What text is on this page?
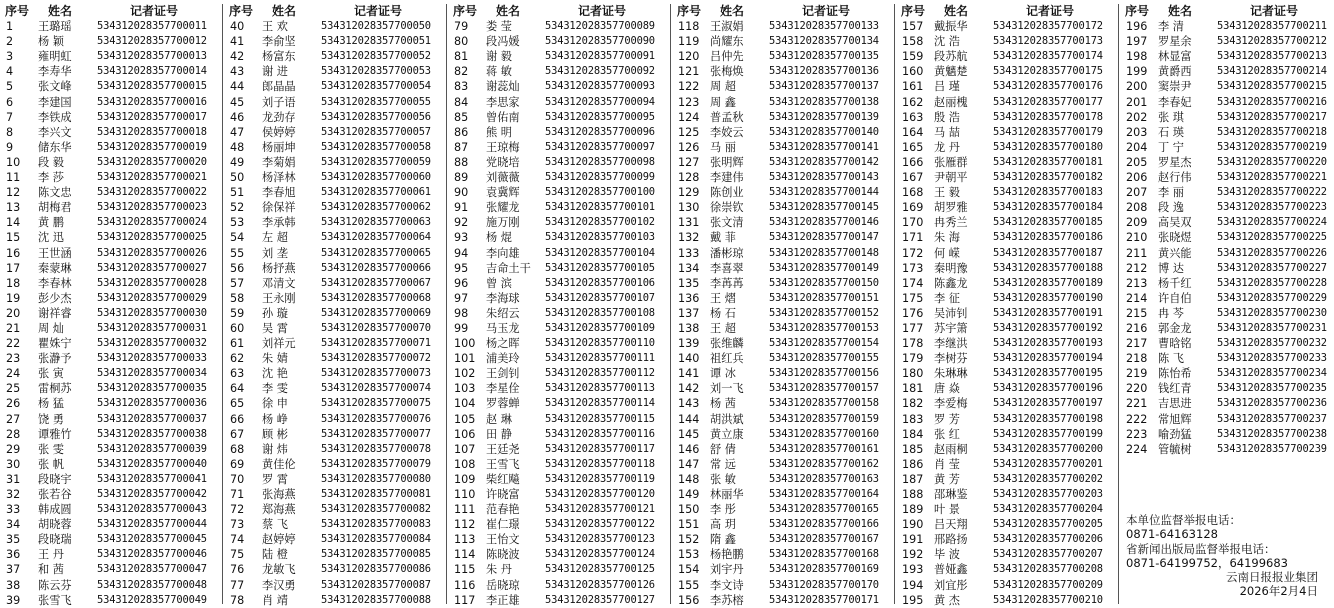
序号 姓名	记者证号
1 王璐瑶 534312028357700011
2 杨 颖	534312028357700012
3 雍明虹 534312028357700013
4 李寿华 534312028357700014
5 张文峰 534312028357700015
6 李建国 534312028357700016
7 李铁成 534312028357700017
8 李兴文 534312028357700018
9 储东华 534312028357700019
10 段 毅	534312028357700020
11 李 莎	534312028357700021
12 陈文忠 534312028357700022
13 胡梅君 534312028357700023
14 黄 鹏	534312028357700024
15 沈 迅	534312028357700025
16 王世涵 534312028357700026
17 秦蒙琳 534312028357700027
18 李春林 534312028357700028
19 彭少杰 534312028357700029
20 谢祥睿 534312028357700030
21 周 灿	534312028357700031
22 瞿姝宁 534312028357700032
23 张瀞予 534312028357700033
24 张 寅	534312028357700034
25 雷桐苏 534312028357700035
26 杨 猛	534312028357700036
27 饶 勇	534312028357700037
28 谭雅竹 534312028357700038
29 张 雯	534312028357700039
30 张 帆	534312028357700040
31 段晓宇 534312028357700041
32 张若谷 534312028357700042
33 韩成圆 534312028357700043
34 胡晓蓉 534312028357700044
35 段晓瑞 534312028357700045
36 王 丹	534312028357700046
37 和 茜	534312028357700047
38 陈云芬 534312028357700048
39 张雪飞 534312028357700049
序号 姓名	记者证号
40 王 欢	534312028357700050
41 李俞坚 534312028357700051
42 杨富东 534312028357700052
43 谢 进	534312028357700053
44 郎晶晶 534312028357700054
45 刘子语 534312028357700055
46 龙劲存 534312028357700056
47 侯婷婷 534312028357700057
48 杨丽坤 534312028357700058
49 李菊娟 534312028357700059
50 杨泽林 534312028357700060
51 李春旭 534312028357700061
52 徐保祥 534312028357700062
53 李承韩 534312028357700063
54 左 超	534312028357700064
55 刘 垄	534312028357700065
56 杨抒燕 534312028357700066
57 邓清文 534312028357700067
58 王永刚 534312028357700068
59 孙 璇	534312028357700069
60 吴 霄	534312028357700070
61 刘祥元 534312028357700071
62 朱 婧	534312028357700072
63 沈 艳	534312028357700073
64 李 雯	534312028357700074
65 徐 申	534312028357700075
66 杨 峥	534312028357700076
67 顾 彬	534312028357700077
68 谢 炜	534312028357700078
69 黄佳伦 534312028357700079
70 罗 霄	534312028357700080
71 张海燕 534312028357700081
72 郑海燕 534312028357700082
73 蔡 飞	534312028357700083
74 赵婷婷 534312028357700084
75 陆 橙	534312028357700085
76 龙敏飞 534312028357700086
77 李汉勇 534312028357700087
78 肖 靖	534312028357700088
序号 姓名	记者证号
79 娄 莹	534312028357700089
80 段冯媛 534312028357700090
81 谢 毅	534312028357700091
82 蒋 敏	534312028357700092
83 谢蕊灿 534312028357700093
84 李思家 534312028357700094
85 曾佑南 534312028357700095
86 熊 明	534312028357700096
87 王琼梅 534312028357700097
88 党晓培 534312028357700098
89 刘薇薇 534312028357700099
90 袁冀辉 534312028357700100
91 张耀龙 534312028357700101
92 施万刚 534312028357700102
93 杨 焜	534312028357700103
94 李向雄 534312028357700104
95 吉命土干 534312028357700105
96 曾 滨	534312028357700106
97 李海球 534312028357700107
98 朱绍云 534312028357700108
99 马玉龙 534312028357700109
100 杨之晖 534312028357700110
101 浦美玲 534312028357700111
102 王剑钊 534312028357700112
103 李星佺 534312028357700113
104 罗蓉蝉 534312028357700114
105 赵 琳	534312028357700115
106 田 静	534312028357700116
107 王廷尧 534312028357700117
108 王雪飞 534312028357700118
109 柴红飚 534312028357700119
110 许晓富 534312028357700120
111 范春艳 534312028357700121
112 崔仁璟 534312028357700122
113 王怡文 534312028357700123
114 陈晓波 534312028357700124
115 朱 丹	534312028357700125
116 岳晓琼 534312028357700126
117 李正雄 534312028357700127
序号 姓名	记者证号
118 王淑娟 534312028357700133
119 尚耀东 534312028357700134
120 吕仲先 534312028357700135
121 张梅焕 534312028357700136
122 周 超	534312028357700137
123 周 鑫	534312028357700138
124 普孟秋 534312028357700139
125 李姣云 534312028357700140
126 马 丽	534312028357700141
127 张明辉 534312028357700142
128 李建伟 534312028357700143
129 陈创业 534312028357700144
130 徐崇钦 534312028357700145
131 张文清 534312028357700146
132 戴 菲	534312028357700147
133 潘彬琼 534312028357700148
134 李喜翠 534312028357700149
135 李苒苒 534312028357700150
136 王 熠	534312028357700151
137 杨 石	534312028357700152
138 王 超	534312028357700153
139 张维麟 534312028357700154
140 祖红兵 534312028357700155
141 谭 冰	534312028357700156
142 刘一飞 534312028357700157
143 杨 茜	534312028357700158
144 胡洪斌 534312028357700159
145 黄立康 534312028357700160
146 舒 倩	534312028357700161
147 常 远	534312028357700162
148 张 敏	534312028357700163
149 林丽华 534312028357700164
150 李 彤	534312028357700165
151 高 玥	534312028357700166
152 隋 鑫	534312028357700167
153 杨艳鹏 534312028357700168
154 刘宇丹 534312028357700169
155 李文诗 534312028357700170
156 李苏榕 534312028357700171
序号 姓名	记者证号
157 戴振华 534312028357700172
158 沈 浩	534312028357700173
159 段苏航 534312028357700174
160 黄魑楚 534312028357700175
161 吕 瑾	534312028357700176
162 赵丽槐 534312028357700177
163 殷 浩	534312028357700178
164 马 喆	534312028357700179
165 龙 丹	534312028357700180
166 张雁群 534312028357700181
167 尹朝平 534312028357700182
168 王 毅	534312028357700183
169 胡罗雅 534312028357700184
170 冉秀兰 534312028357700185
171 朱 海	534312028357700186
172 何 嵘	534312028357700187
173 秦明豫 534312028357700188
174 陈鑫龙 534312028357700189
175 李 征	534312028357700190
176 吴沛钊 534312028357700191
177 苏宇箫 534312028357700192
178 李继洪 534312028357700193
179 李树芬 534312028357700194
180 朱琳琳 534312028357700195
181 唐 焱	534312028357700196
182 李爱梅 534312028357700197
183 罗 芳	534312028357700198
184 张 红	534312028357700199
185 赵雨桐 534312028357700200
186 肖 莹	534312028357700201
187 黄 芳	534312028357700202
188 邵琳鉴 534312028357700203
189 叶 景	534312028357700204
190 吕天翔 534312028357700205
191 邢路扬 534312028357700206
192 毕 波	534312028357700207
193 普娅鑫 534312028357700208
194 刘宜彤 534312028357700209
195 黄 杰	534312028357700210
序号 姓名	记者证号
196 李 清	534312028357700211
197 罗星余 534312028357700212
198 林显富 534312028357700213
199 黄爵西 534312028357700214
200 窦崇尹 534312028357700215
201 李春妃 534312028357700216
202 张 琪	534312028357700217
203 石 瑛	534312028357700218
204 丁 宁	534312028357700219
205 罗星杰 534312028357700220
206 赵行伟 534312028357700221
207 李 丽	534312028357700222
208 段 逸	534312028357700223
209 高吴双 534312028357700224
210 张晓煜 534312028357700225
211 黄兴能 534312028357700226
212 博 达	534312028357700227
213 杨千红 534312028357700228
214 许自伯 534312028357700229
215 冉 芩	534312028357700230
216 郭金龙 534312028357700231
217 曹晗铭 534312028357700232
218 陈 飞	534312028357700233
219 陈怡希 534312028357700234
220 钱红青 534312028357700235
221 吉思进 534312028357700236
222 常旭辉 534312028357700237
223 喻劲猛 534312028357700238
224 管毓树 534312028357700239
本单位监督举报电话：
0871-64163128
省新闻出版局监督举报电话：
0871-64199752，64199683
云南日报报业集团
2026年2月4日
